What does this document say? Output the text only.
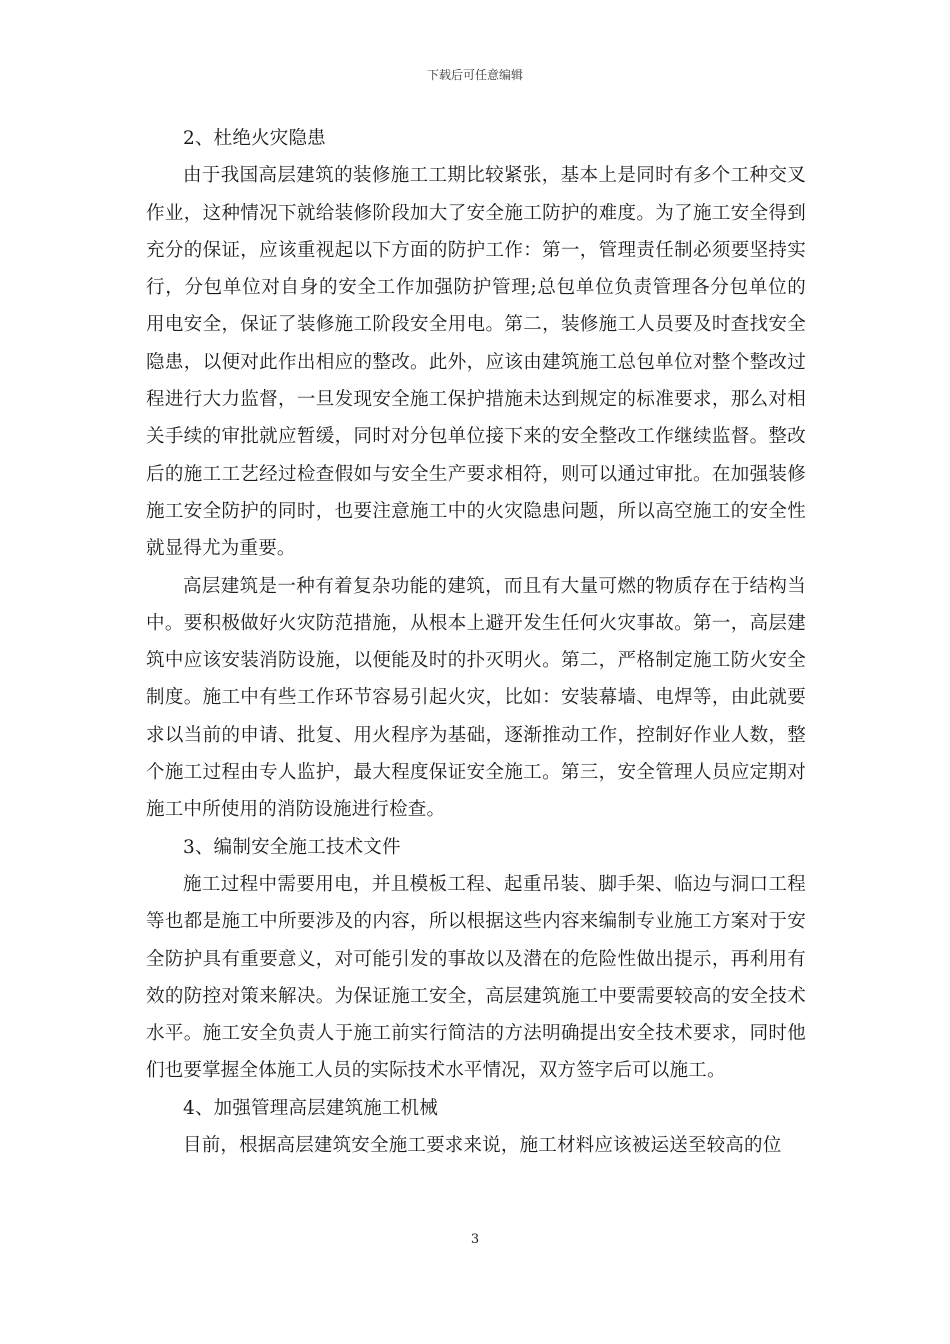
下载后可任意编辑

2、杜绝火灾隐患

由于我国高层建筑的装修施工工期比较紧张，基本上是同时有多个工种交叉作业，这种情况下就给装修阶段加大了安全施工防护的难度。为了施工安全得到充分的保证，应该重视起以下方面的防护工作：第一，管理责任制必须要坚持实行，分包单位对自身的安全工作加强防护管理;总包单位负责管理各分包单位的用电安全，保证了装修施工阶段安全用电。第二，装修施工人员要及时查找安全隐患，以便对此作出相应的整改。此外，应该由建筑施工总包单位对整个整改过程进行大力监督，一旦发现安全施工保护措施未达到规定的标准要求，那么对相关手续的审批就应暂缓，同时对分包单位接下来的安全整改工作继续监督。整改后的施工工艺经过检查假如与安全生产要求相符，则可以通过审批。在加强装修施工安全防护的同时，也要注意施工中的火灾隐患问题，所以高空施工的安全性就显得尤为重要。

高层建筑是一种有着复杂功能的建筑，而且有大量可燃的物质存在于结构当中。要积极做好火灾防范措施，从根本上避开发生任何火灾事故。第一，高层建筑中应该安装消防设施，以便能及时的扑灭明火。第二，严格制定施工防火安全制度。施工中有些工作环节容易引起火灾，比如：安装幕墙、电焊等，由此就要求以当前的申请、批复、用火程序为基础，逐渐推动工作，控制好作业人数，整个施工过程由专人监护，最大程度保证安全施工。第三，安全管理人员应定期对施工中所使用的消防设施进行检查。

3、编制安全施工技术文件

施工过程中需要用电，并且模板工程、起重吊装、脚手架、临边与洞口工程等也都是施工中所要涉及的内容，所以根据这些内容来编制专业施工方案对于安全防护具有重要意义，对可能引发的事故以及潜在的危险性做出提示，再利用有效的防控对策来解决。为保证施工安全，高层建筑施工中要需要较高的安全技术水平。施工安全负责人于施工前实行简洁的方法明确提出安全技术要求，同时他们也要掌握全体施工人员的实际技术水平情况，双方签字后可以施工。

4、加强管理高层建筑施工机械

目前，根据高层建筑安全施工要求来说，施工材料应该被运送至较高的位

3
